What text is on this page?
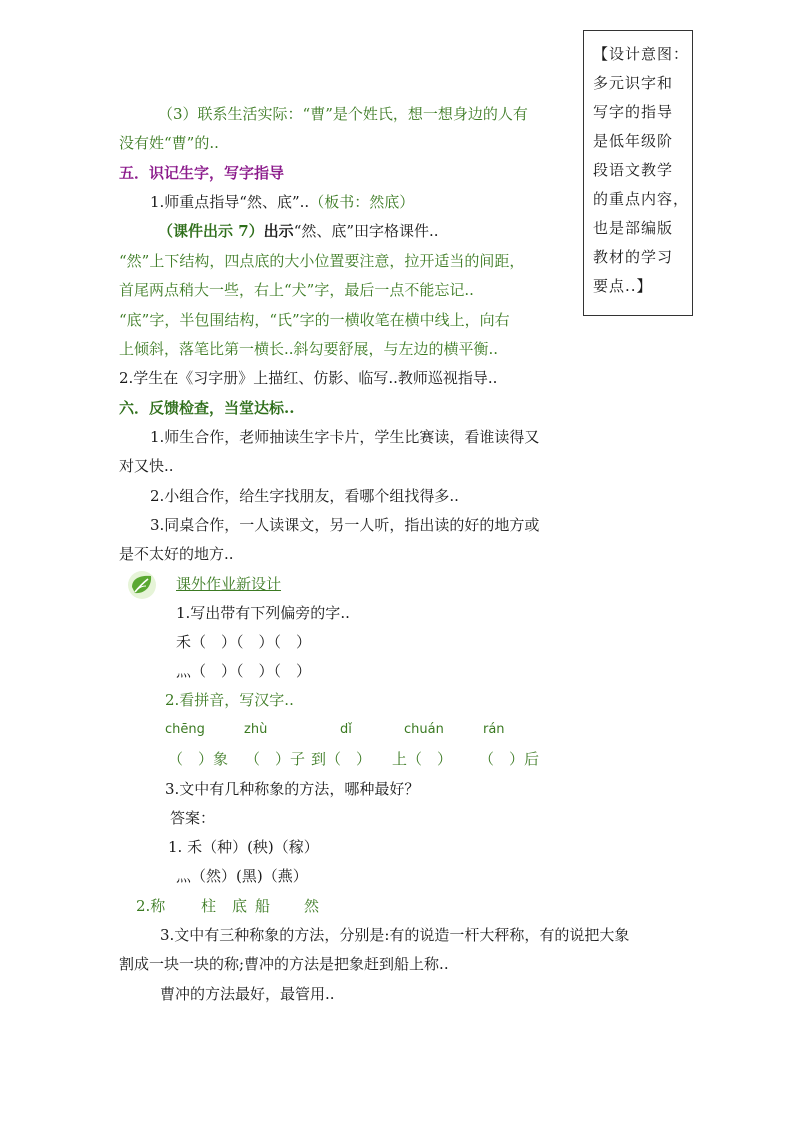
【设计意图：
多元识字和
写字的指导
是低年级阶
段语文教学
的重点内容，
也是部编版
教材的学习
要点..】
（3）联系生活实际：“曹”是个姓氏，想一想身边的人有
没有姓“曹”的..
五．识记生字，写字指导
1.师重点指导“然、底”..（板书：然底）
（课件出示 7）出示“然、底”田字格课件..
“然”上下结构，四点底的大小位置要注意，拉开适当的间距，
首尾两点稍大一些，右上“犬”字，最后一点不能忘记..
“底”字，半包围结构，“氏”字的一横收笔在横中线上，向右
上倾斜，落笔比第一横长..斜勾要舒展，与左边的横平衡..
2.学生在《习字册》上描红、仿影、临写..教师巡视指导..
六．反馈检查，当堂达标..
1.师生合作，老师抽读生字卡片，学生比赛读，看谁读得又
对又快..
2.小组合作，给生字找朋友，看哪个组找得多..
3.同桌合作，一人读课文，另一人听，指出读的好的地方或
是不太好的地方..
课外作业新设计
1.写出带有下列偏旁的字..
禾（　）（　）（　）
灬（　）（　）（　）
2.看拼音，写汉字..
chēng	zhù	dǐ	chuán	rán
（　）象 （　）子 到（　） 上（　） （　）后
3.文中有几种称象的方法，哪种最好？
答案：
1. 禾（种）(秧)（稼）
灬（然）(黑)（燕）
2.称 柱 底 船 然
3.文中有三种称象的方法，分别是:有的说造一杆大秤称，有的说把大象
割成一块一块的称;曹冲的方法是把象赶到船上称..
曹冲的方法最好，最管用..
